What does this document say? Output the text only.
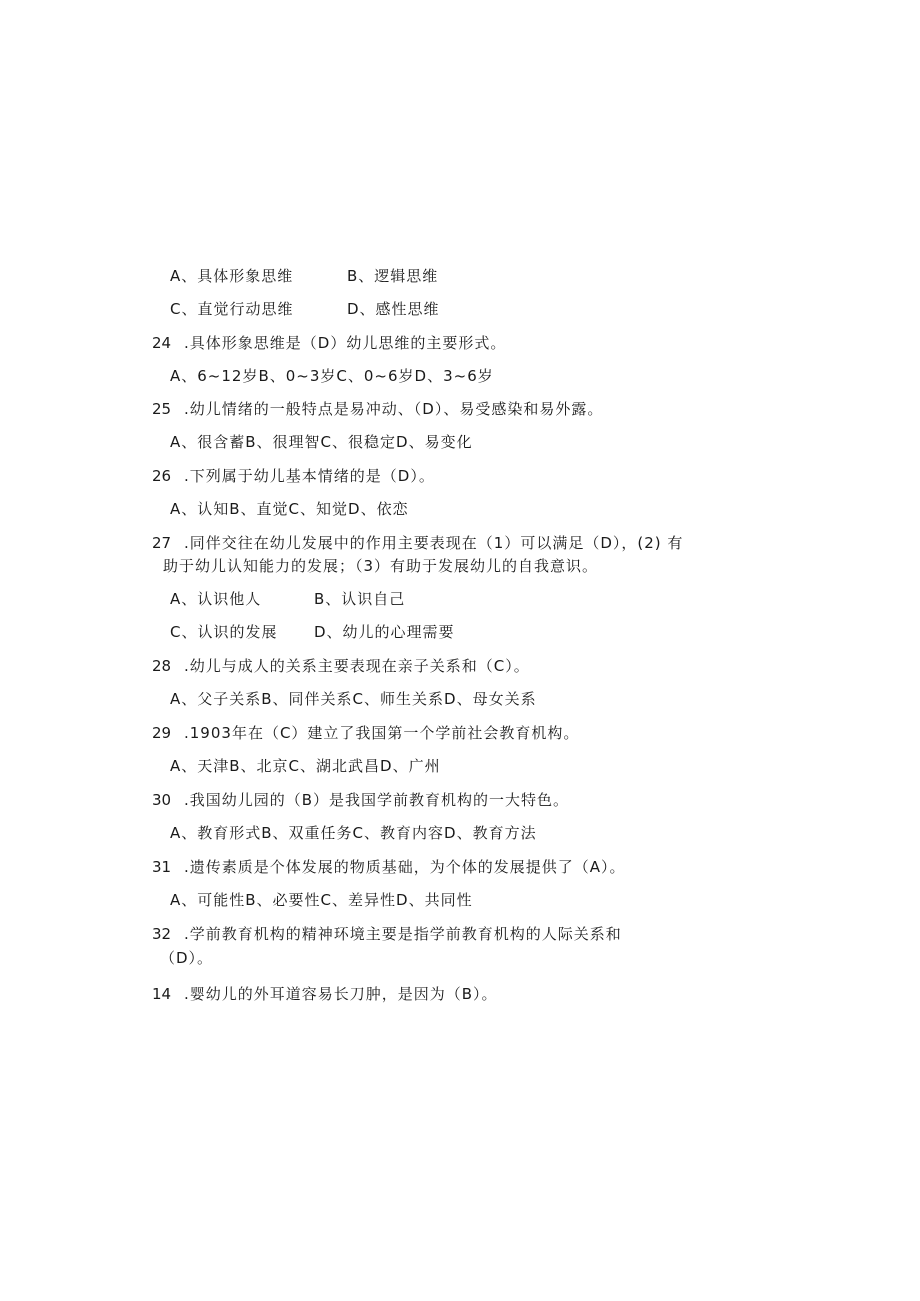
A、具体形象思维	B、逻辑思维
C、直觉行动思维	D、感性思维
24 .具体形象思维是（D）幼儿思维的主要形式。
A、6~12岁B、0~3岁C、0~6岁D、3~6岁
25 .幼儿情绪的一般特点是易冲动、（D）、易受感染和易外露。
A、很含蓄B、很理智C、很稳定D、易变化
26 .下列属于幼儿基本情绪的是（D）。
A、认知B、直觉C、知觉D、依恋
27 .同伴交往在幼儿发展中的作用主要表现在（1）可以满足（D），(2) 有
助于幼儿认知能力的发展；（3）有助于发展幼儿的自我意识。
A、认识他人	B、认识自己
C、认识的发展 D、幼儿的心理需要
28 .幼儿与成人的关系主要表现在亲子关系和（C）。
A、父子关系B、同伴关系C、师生关系D、母女关系
29 .1903年在（C）建立了我国第一个学前社会教育机构。
A、天津B、北京C、湖北武昌D、广州
30 .我国幼儿园的（B）是我国学前教育机构的一大特色。
A、教育形式B、双重任务C、教育内容D、教育方法
31 .遗传素质是个体发展的物质基础，为个体的发展提供了（A）。
A、可能性B、必要性C、差异性D、共同性
32 .学前教育机构的精神环境主要是指学前教育机构的人际关系和
（D）。
14 .婴幼儿的外耳道容易长刀肿，是因为（B）。
